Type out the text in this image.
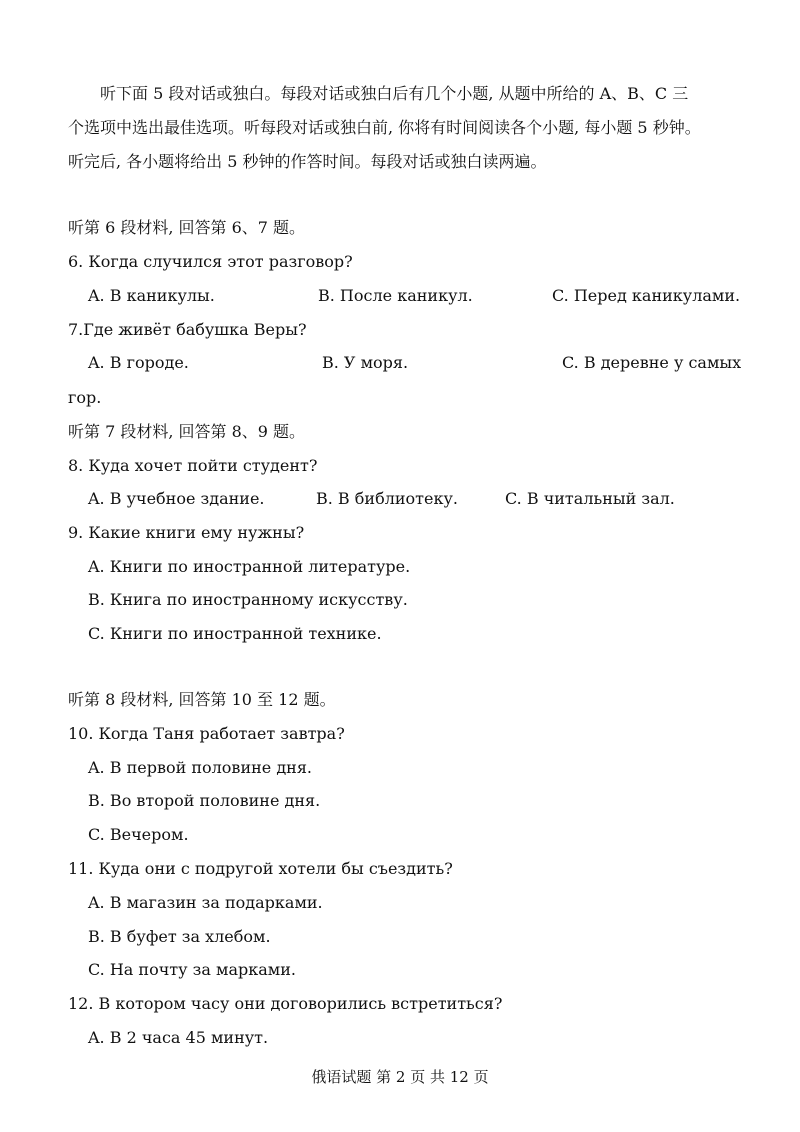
听下面 5 段对话或独白。每段对话或独白后有几个小题, 从题中所给的 A、B、C 三
个选项中选出最佳选项。听每段对话或独白前, 你将有时间阅读各个小题, 每小题 5 秒钟。
听完后, 各小题将给出 5 秒钟的作答时间。每段对话或独白读两遍。
听第 6 段材料, 回答第 6、7 题。
6. Когда случился этот разговор?
A. В каникулы.	B. После каникул.	C. Перед каникулами.
7.Где живёт бабушка Веры?
A. В городе.	B. У моря.	C. В деревне у самых
гор.
听第 7 段材料, 回答第 8、9 题。
8. Куда хочет пойти студент?
A. В учебное здание.	B. В библиотеку.	C. В читальный зал.
9. Какие книги ему нужны?
A. Книги по иностранной литературе.
B. Книга по иностранному искусству.
C. Книги по иностранной технике.
听第 8 段材料, 回答第 10 至 12 题。
10. Когда Таня работает завтра?
A. В первой половине дня.
B. Во второй половине дня.
C. Вечером.
11. Куда они с подругой хотели бы съездить?
A. В магазин за подарками.
B. В буфет за хлебом.
C. На почту за марками.
12. В котором часу они договорились встретиться?
A. В 2 часа 45 минут.
俄语试题 第 2 页 共 12 页
